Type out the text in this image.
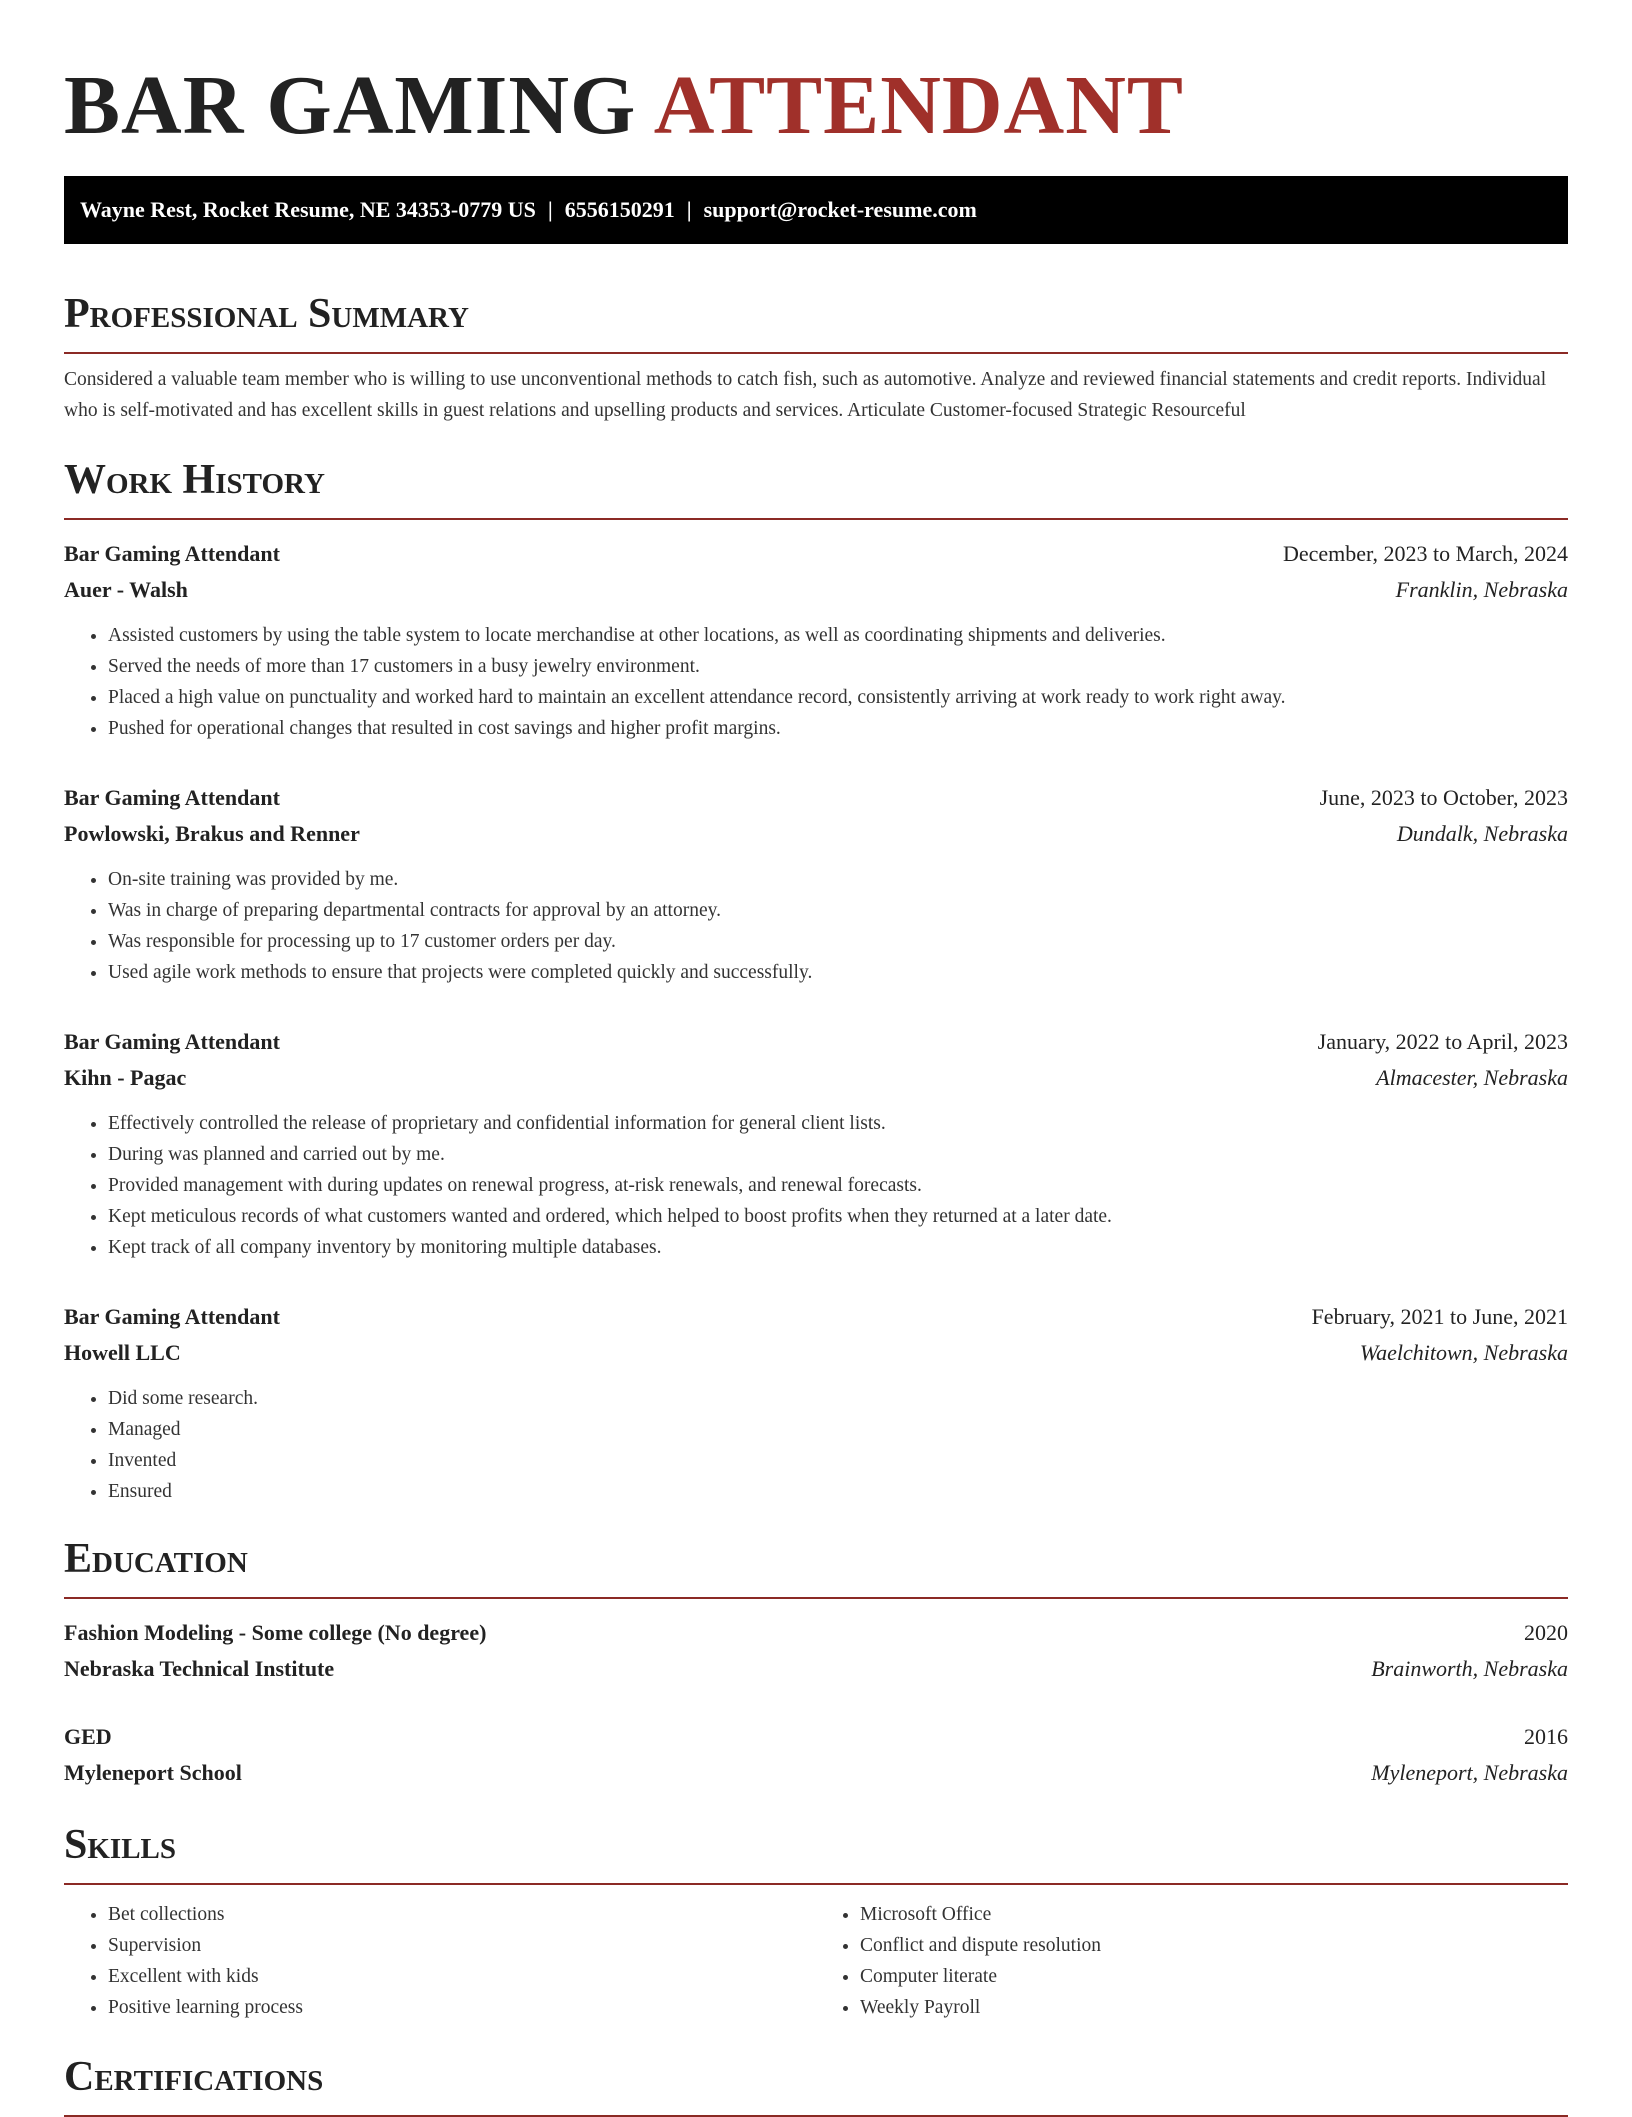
BAR GAMING ATTENDANT
Wayne Rest, Rocket Resume, NE 34353-0779 US | 6556150291 | support@rocket-resume.com
Professional Summary

Considered a valuable team member who is willing to use unconventional methods to catch fish, such as automotive. Analyze and reviewed financial statements and credit reports. Individual who is self-motivated and has excellent skills in guest relations and upselling products and services. Articulate Customer-focused Strategic Resourceful

Work History
Bar Gaming Attendant	December, 2023 to March, 2024
Auer - Walsh	Franklin, Nebraska
• Assisted customers by using the table system to locate merchandise at other locations, as well as coordinating shipments and deliveries.
• Served the needs of more than 17 customers in a busy jewelry environment.
• Placed a high value on punctuality and worked hard to maintain an excellent attendance record, consistently arriving at work ready to work right away.
• Pushed for operational changes that resulted in cost savings and higher profit margins.
Bar Gaming Attendant	June, 2023 to October, 2023
Powlowski, Brakus and Renner	Dundalk, Nebraska
• On-site training was provided by me.
• Was in charge of preparing departmental contracts for approval by an attorney.
• Was responsible for processing up to 17 customer orders per day.
• Used agile work methods to ensure that projects were completed quickly and successfully.
Bar Gaming Attendant	January, 2022 to April, 2023
Kihn - Pagac	Almacester, Nebraska
• Effectively controlled the release of proprietary and confidential information for general client lists.
• During was planned and carried out by me.
• Provided management with during updates on renewal progress, at-risk renewals, and renewal forecasts.
• Kept meticulous records of what customers wanted and ordered, which helped to boost profits when they returned at a later date.
• Kept track of all company inventory by monitoring multiple databases.
Bar Gaming Attendant	February, 2021 to June, 2021
Howell LLC	Waelchitown, Nebraska
• Did some research.
• Managed
• Invented
• Ensured
Education
Fashion Modeling - Some college (No degree)	2020
Nebraska Technical Institute	Brainworth, Nebraska
GED	2016
Myleneport School	Myleneport, Nebraska
Skills
• Bet collections
• Supervision
• Excellent with kids
• Positive learning process
• Microsoft Office
• Conflict and dispute resolution
• Computer literate
• Weekly Payroll
Certifications
